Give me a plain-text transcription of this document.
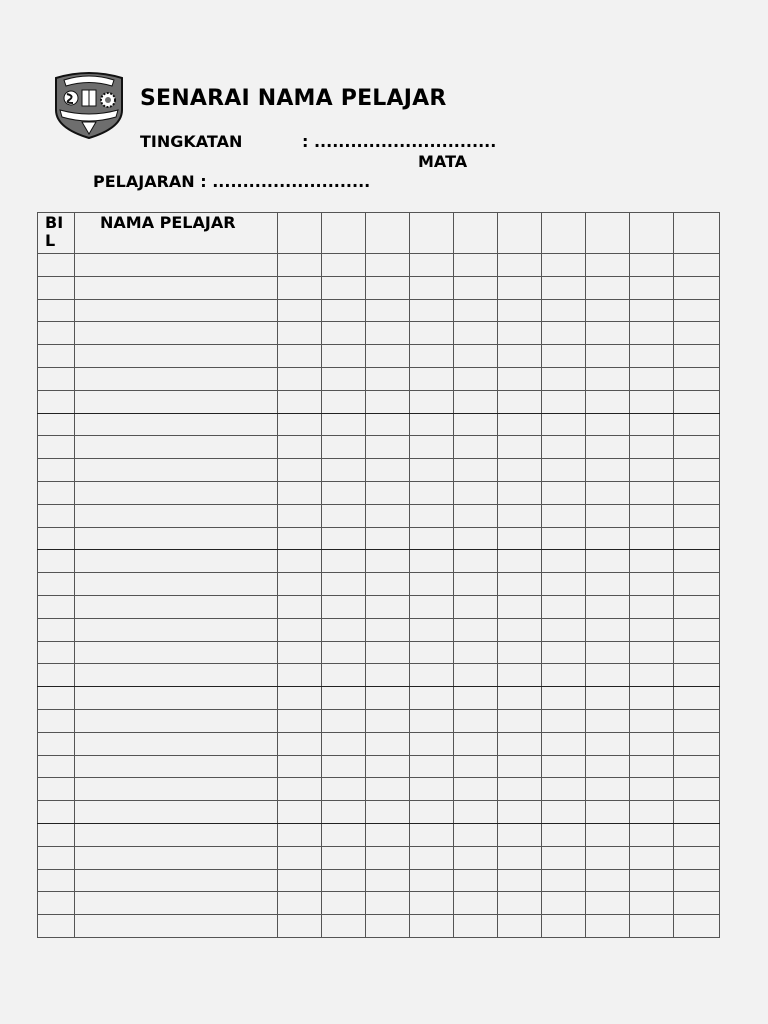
SENARAI NAMA PELAJAR
TINGKATAN	: ..............................
MATA
PELAJARAN : ..........................
BI L	NAMA PELAJAR										
